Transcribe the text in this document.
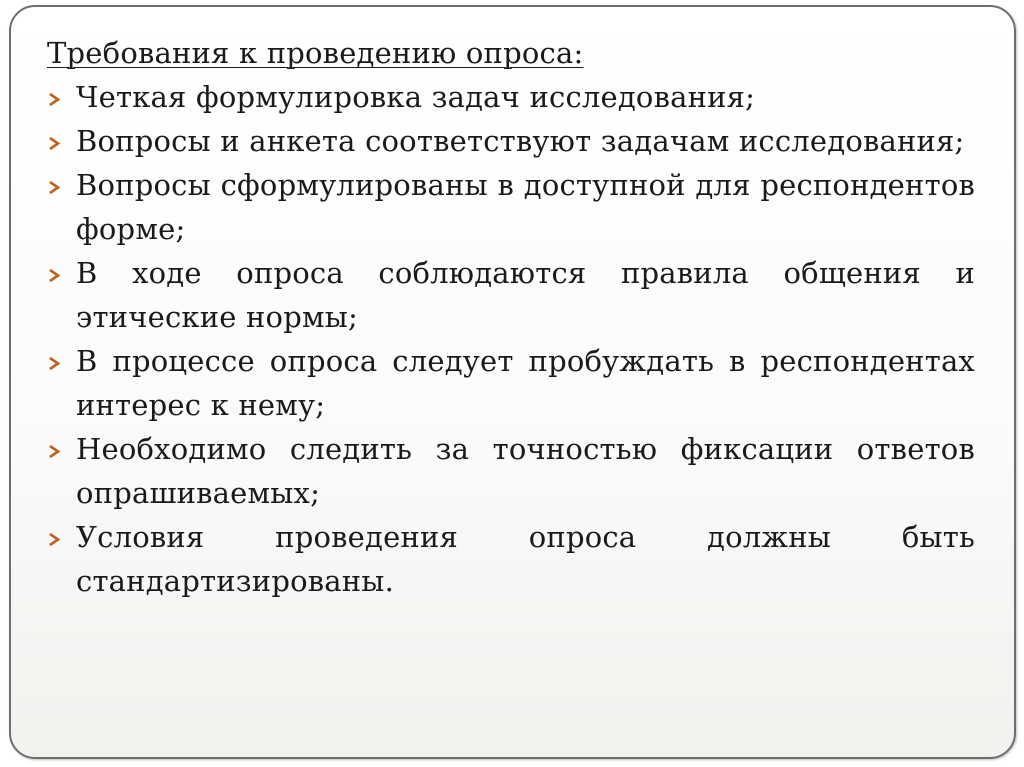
Требования к проведению опроса:
Четкая формулировка задач исследования;
Вопросы и анкета соответствуют задачам исследования;
Вопросы сформулированы в доступной для респондентов форме;
В ходе опроса соблюдаются правила общения и этические нормы;
В процессе опроса следует пробуждать в респондентах интерес к нему;
Необходимо следить за точностью фиксации ответов опрашиваемых;
Условия проведения опроса должны быть стандартизированы.
